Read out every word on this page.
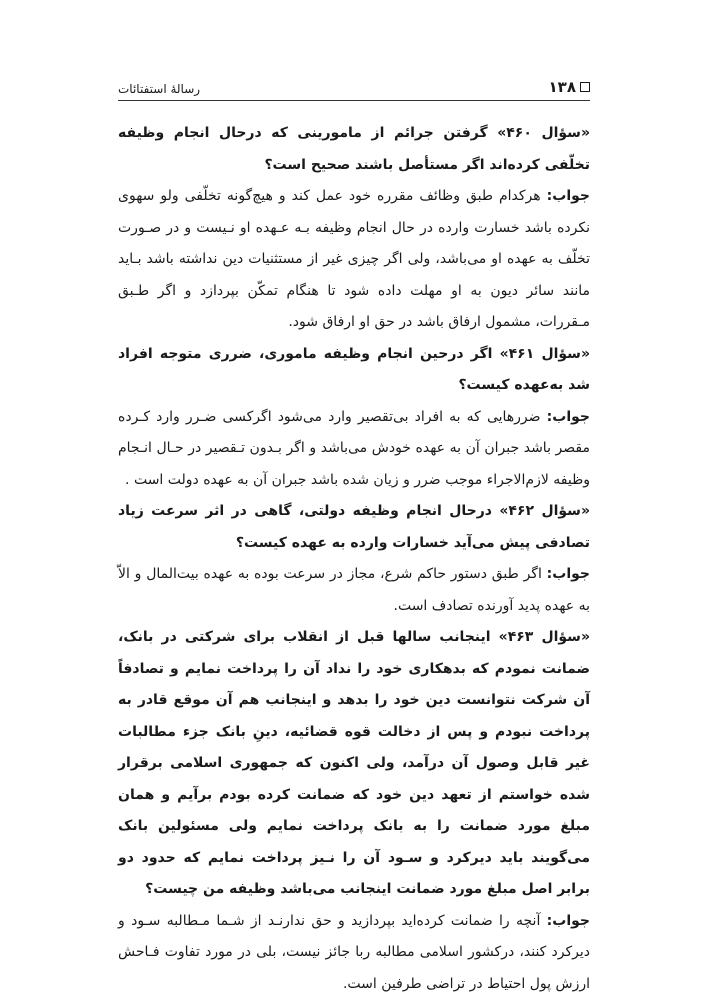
۱۳۸
رسالهٔ استفتائات

«سؤال ۴۶۰» گرفتن جرائم از مامورینی که درحال انجام وظیفه تخلّفی کرده‌اند اگر مستأصل باشند صحیح است؟

جواب: هرکدام طبق وظائف مقرره خود عمل کند و هیچ‌گونه تخلّفی ولو سهوی نکرده باشد خسارت وارده در حال انجام وظیفه بـه عـهده او نـیست و در صـورت تخلّف به عهده او می‌باشد، ولی اگر چیزی غیر از مستثنیات دین نداشته باشد بـاید مانند سائر دیون به او مهلت داده شود تا هنگام تمکّن بپردازد و اگر طـبق مـقررات، مشمول ارفاق باشد در حق او ارفاق شود.

«سؤال ۴۶۱» اگر درحین انجام وظیفه ماموری، ضرری متوجه افراد شد به‌عهده کیست؟

جواب: ضررهایی که به افراد بی‌تقصیر وارد می‌شود اگرکسی ضـرر وارد کـرده مقصر باشد جبران آن به عهده خودش می‌باشد و اگر بـدون تـقصیر در حـال انـجام وظیفه لازم‌الاجراء موجب ضرر و زیان شده باشد جبران آن به عهده دولت است .

«سؤال ۴۶۲» درحال انجام وظیفه دولتی، گاهی در اثر سرعت زیاد تصادفی پیش می‌آید خسارات وارده به عهده کیست؟

جواب: اگر طبق دستور حاکم شرع، مجاز در سرعت بوده به عهده بیت‌المال و الاّ به عهده پدید آورنده تصادف است.

«سؤال ۴۶۳» اینجانب سالها قبل از انقلاب برای شرکتی در بانک، ضمانت نمودم که بدهکاری خود را نداد آن را پرداخت نمایم و تصادفاً آن شرکت نتوانست دین خود را بدهد و اینجانب هم آن موقع قادر به پرداخت نبودم و پس از دخالت قوه قضائیه، دینِ بانک جزء مطالبات غیر قابل وصول آن درآمد، ولی اکنون که جمهوری اسلامی برقرار شده خواستم از تعهد دین خود که ضمانت کرده بودم برآیم و همان مبلغ مورد ضمانت را به بانک پرداخت نمایم ولی مسئولین بانک می‌گویند باید دیرکرد و سـود آن را نـیز پرداخت نمایم که حدود دو برابر اصل مبلغ مورد ضمانت اینجانب می‌باشد وظیفه من چیست؟

جواب: آنچه را ضمانت کرده‌اید بپردازید و حق ندارنـد از شـما مـطالبه سـود و دیرکرد کنند، درکشور اسلامی مطالبه ربا جائز نیست، بلی در مورد تفاوت فـاحش ارزش پول احتیاط در تراضی طرفین است.
